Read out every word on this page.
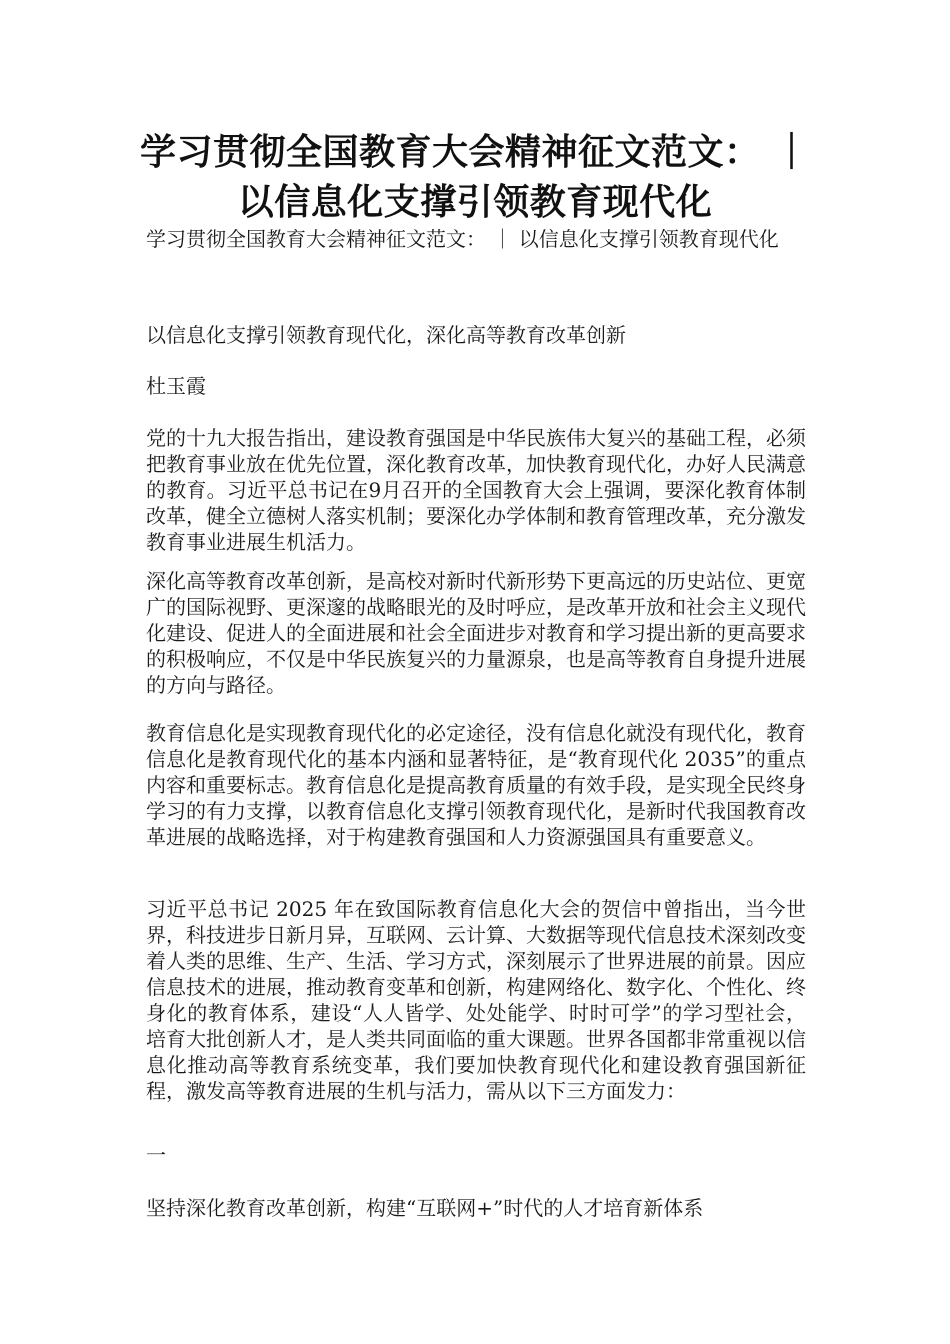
学习贯彻全国教育大会精神征文范文： ｜ 以信息化支撑引领教育现代化

学习贯彻全国教育大会精神征文范文： ｜ 以信息化支撑引领教育现代化

以信息化支撑引领教育现代化，深化高等教育改革创新

杜玉霞

党的十九大报告指出，建设教育强国是中华民族伟大复兴的基础工程，必须把教育事业放在优先位置，深化教育改革，加快教育现代化，办好人民满意的教育。习近平总书记在9月召开的全国教育大会上强调，要深化教育体制改革，健全立德树人落实机制；要深化办学体制和教育管理改革，充分激发教育事业进展生机活力。

深化高等教育改革创新，是高校对新时代新形势下更高远的历史站位、更宽广的国际视野、更深邃的战略眼光的及时呼应，是改革开放和社会主义现代化建设、促进人的全面进展和社会全面进步对教育和学习提出新的更高要求的积极响应，不仅是中华民族复兴的力量源泉，也是高等教育自身提升进展的方向与路径。

教育信息化是实现教育现代化的必定途径，没有信息化就没有现代化，教育信息化是教育现代化的基本内涵和显著特征，是“教育现代化 2035”的重点内容和重要标志。教育信息化是提高教育质量的有效手段，是实现全民终身学习的有力支撑，以教育信息化支撑引领教育现代化，是新时代我国教育改革进展的战略选择，对于构建教育强国和人力资源强国具有重要意义。

习近平总书记 2025 年在致国际教育信息化大会的贺信中曾指出，当今世界，科技进步日新月异，互联网、云计算、大数据等现代信息技术深刻改变着人类的思维、生产、生活、学习方式，深刻展示了世界进展的前景。因应信息技术的进展，推动教育变革和创新，构建网络化、数字化、个性化、终身化的教育体系，建设“人人皆学、处处能学、时时可学”的学习型社会，培育大批创新人才，是人类共同面临的重大课题。世界各国都非常重视以信息化推动高等教育系统变革，我们要加快教育现代化和建设教育强国新征程，激发高等教育进展的生机与活力，需从以下三方面发力：

一

坚持深化教育改革创新，构建“互联网+”时代的人才培育新体系
